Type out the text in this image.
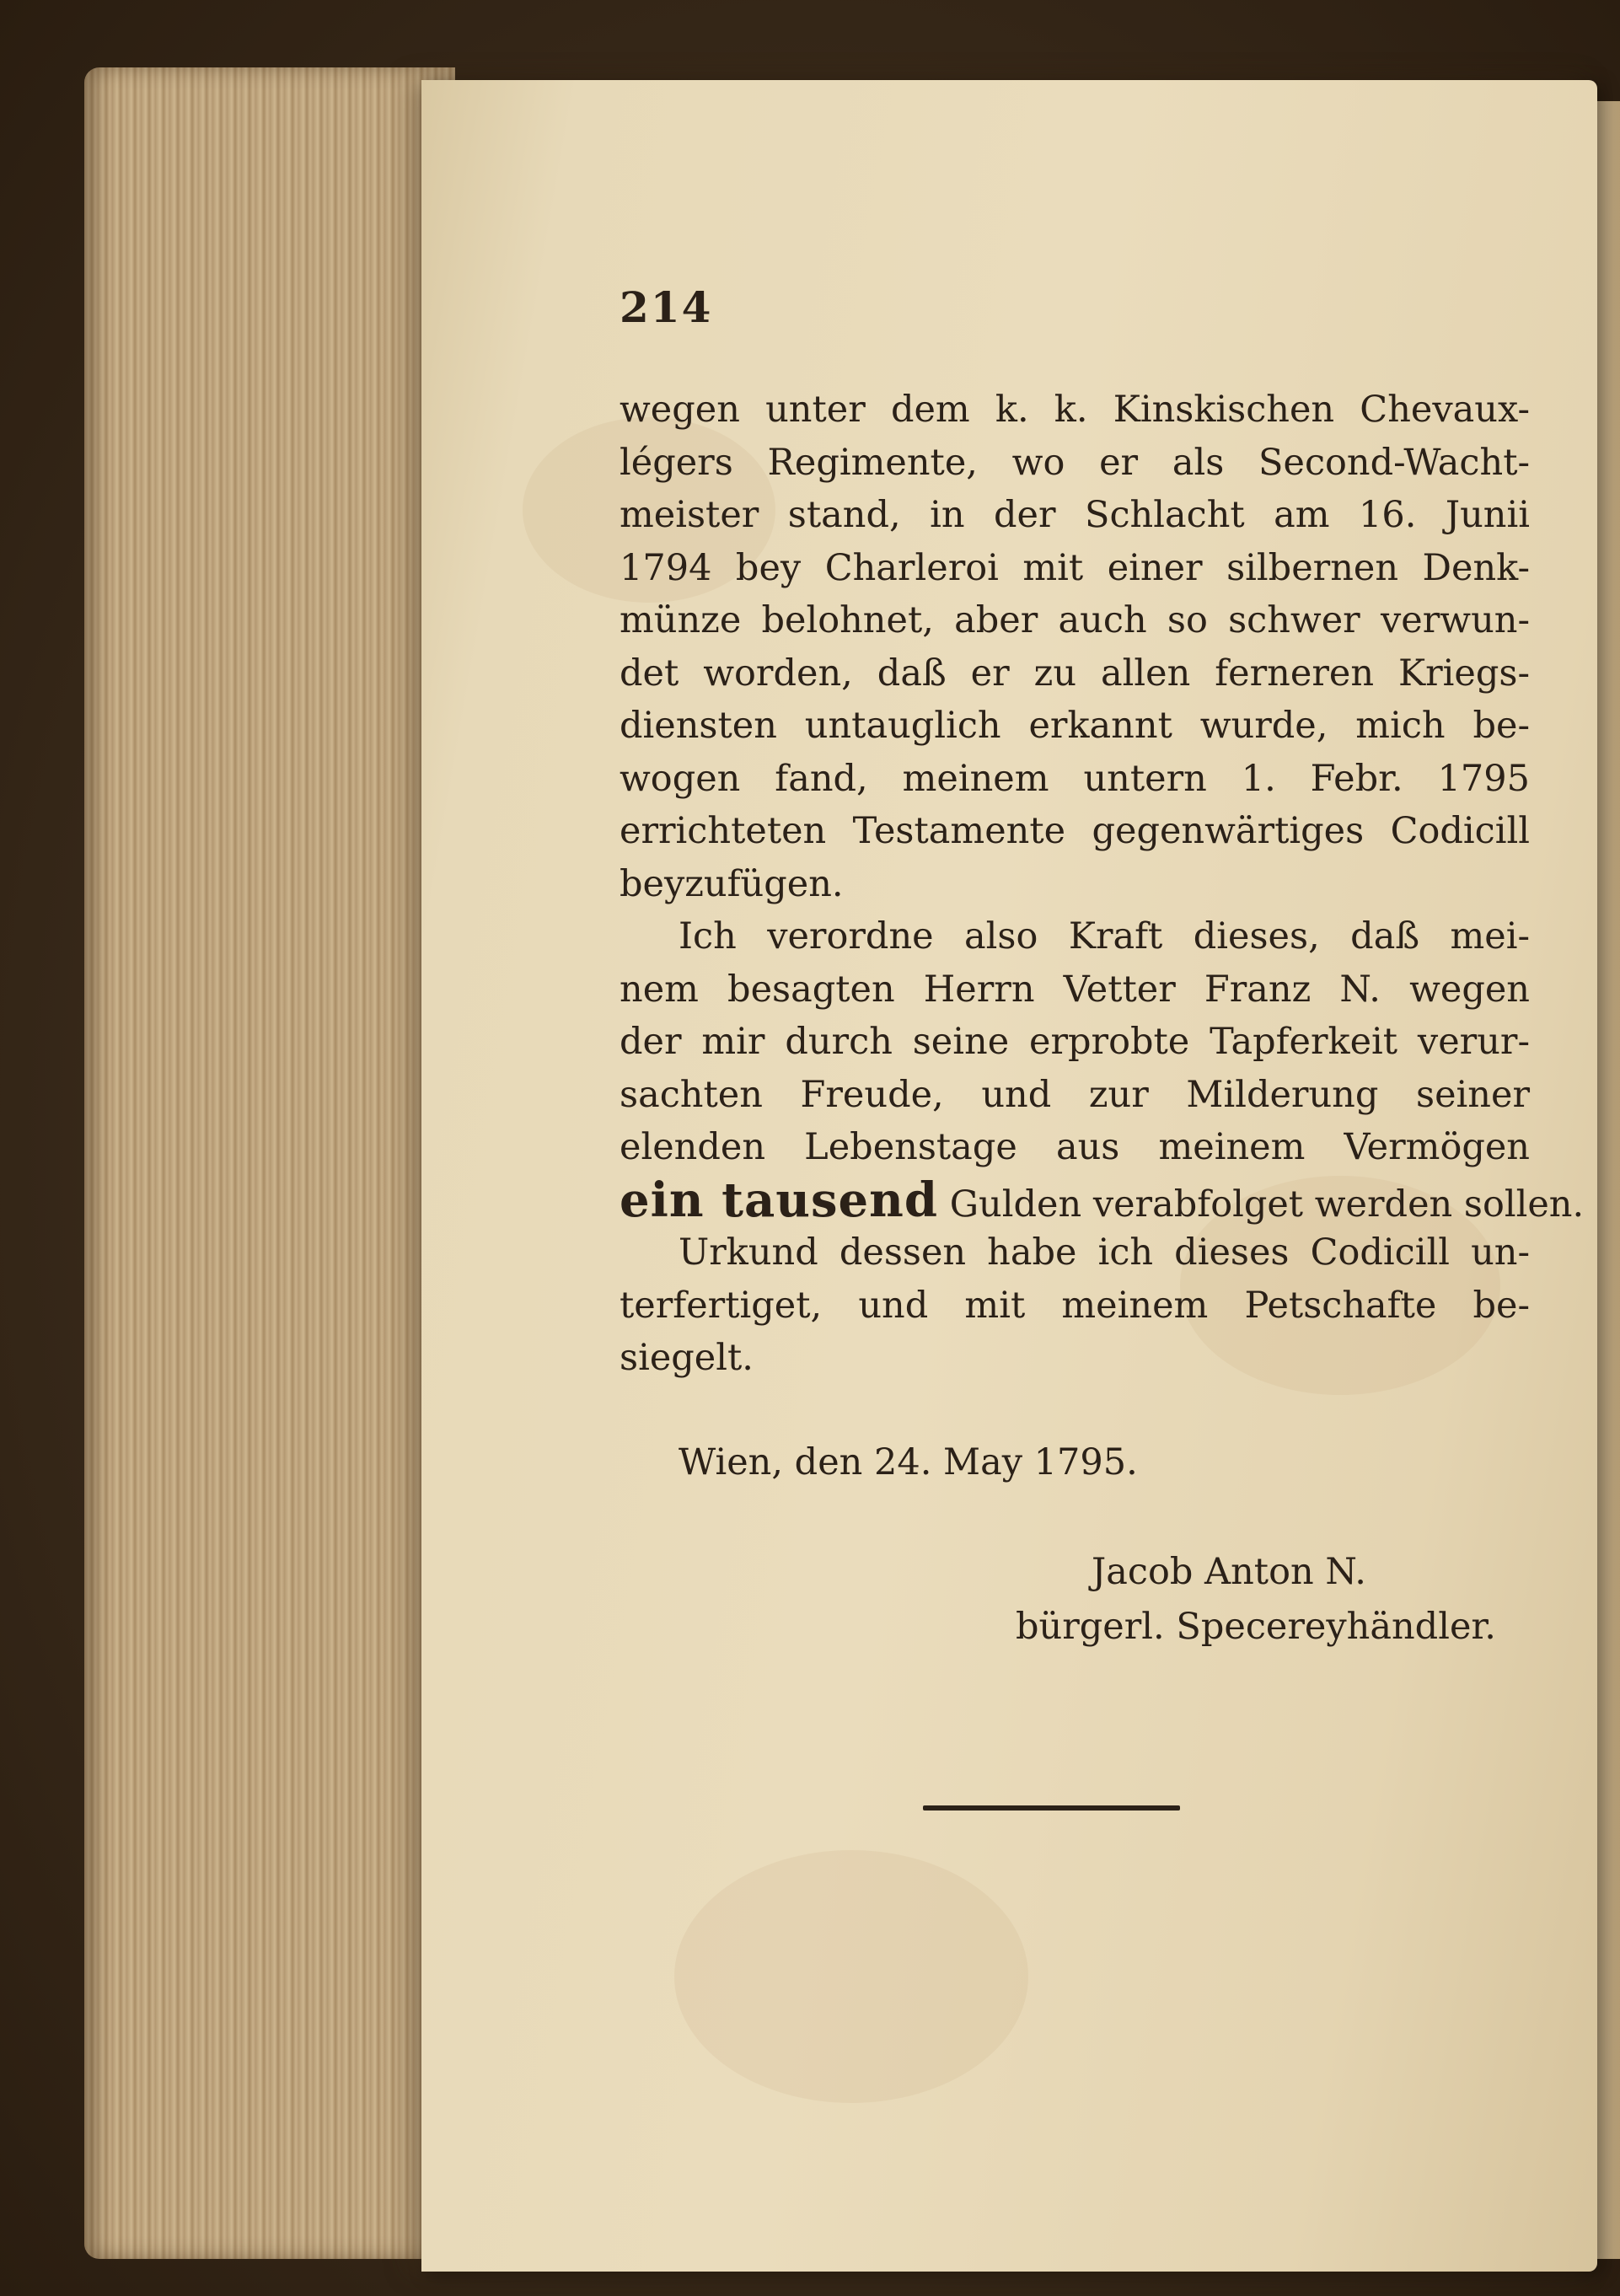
214
wegen unter dem k. k. Kinskischen Chevaux-
légers Regimente, wo er als Second-Wacht-
meister stand, in der Schlacht am 16. Junii
1794 bey Charleroi mit einer silbernen Denk-
münze belohnet, aber auch so schwer verwun-
det worden, daß er zu allen ferneren Kriegs-
diensten untauglich erkannt wurde, mich be-
wogen fand, meinem untern 1. Febr. 1795
errichteten Testamente gegenwärtiges Codicill
beyzufügen.
Ich verordne also Kraft dieses, daß mei-
nem besagten Herrn Vetter Franz N. wegen
der mir durch seine erprobte Tapferkeit verur-
sachten Freude, und zur Milderung seiner
elenden Lebenstage aus meinem Vermögen
ein tausend Gulden verabfolget werden sollen.
Urkund dessen habe ich dieses Codicill un-
terfertiget, und mit meinem Petschafte be-
siegelt.
Wien, den 24. May 1795.
Jacob Anton N.
bürgerl. Specereyhändler.
